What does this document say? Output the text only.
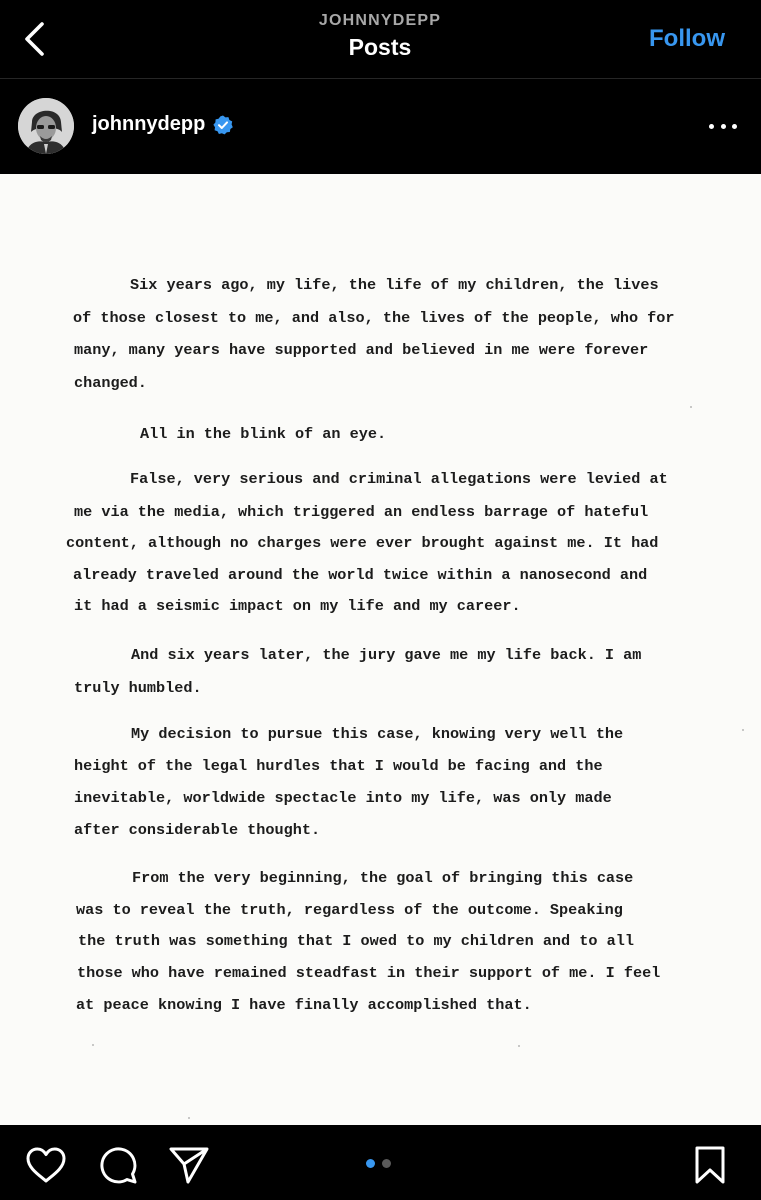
JOHNNYDEPP
Posts	Follow
johnnydepp
Six years ago, my life, the life of my children, the lives
of those closest to me, and also, the lives of the people, who for
many, many years have supported and believed in me were forever
changed.
All in the blink of an eye.
False, very serious and criminal allegations were levied at
me via the media, which triggered an endless barrage of hateful
content, although no charges were ever brought against me. It had
already traveled around the world twice within a nanosecond and
it had a seismic impact on my life and my career.
And six years later, the jury gave me my life back. I am
truly humbled.
My decision to pursue this case, knowing very well the
height of the legal hurdles that I would be facing and the
inevitable, worldwide spectacle into my life, was only made
after considerable thought.
From the very beginning, the goal of bringing this case
was to reveal the truth, regardless of the outcome. Speaking
the truth was something that I owed to my children and to all
those who have remained steadfast in their support of me. I feel
at peace knowing I have finally accomplished that.
